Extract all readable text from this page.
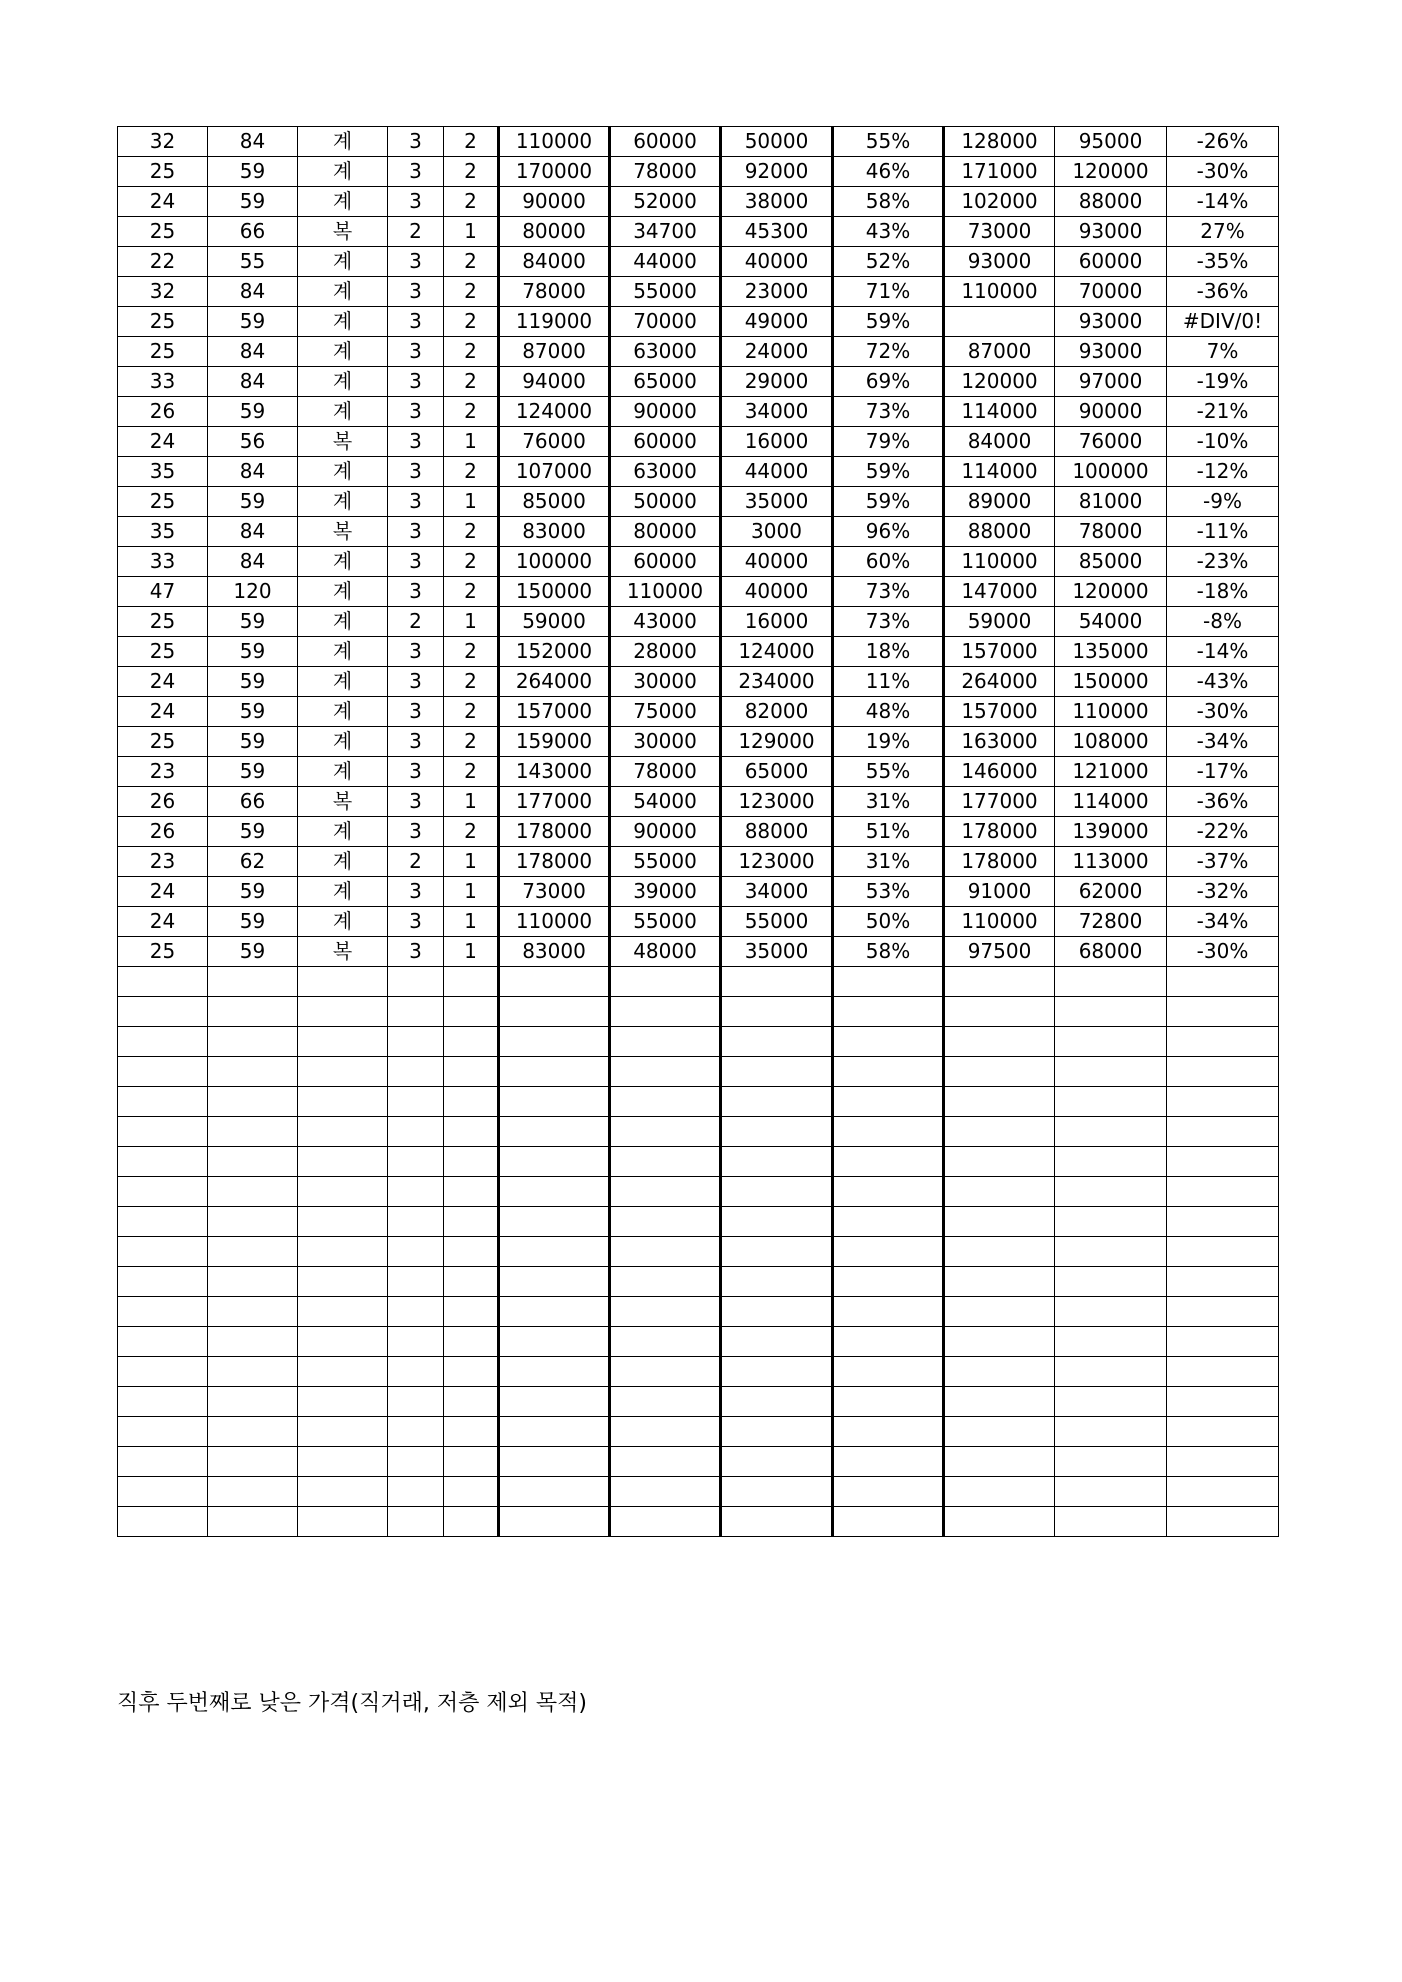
32	84	계	3	2	110000	60000	50000	55%	128000	95000	-26%
25	59	계	3	2	170000	78000	92000	46%	171000	120000	-30%
24	59	계	3	2	90000	52000	38000	58%	102000	88000	-14%
25	66	복	2	1	80000	34700	45300	43%	73000	93000	27%
22	55	계	3	2	84000	44000	40000	52%	93000	60000	-35%
32	84	계	3	2	78000	55000	23000	71%	110000	70000	-36%
25	59	계	3	2	119000	70000	49000	59%		93000	#DIV/0!
25	84	계	3	2	87000	63000	24000	72%	87000	93000	7%
33	84	계	3	2	94000	65000	29000	69%	120000	97000	-19%
26	59	계	3	2	124000	90000	34000	73%	114000	90000	-21%
24	56	복	3	1	76000	60000	16000	79%	84000	76000	-10%
35	84	계	3	2	107000	63000	44000	59%	114000	100000	-12%
25	59	계	3	1	85000	50000	35000	59%	89000	81000	-9%
35	84	복	3	2	83000	80000	3000	96%	88000	78000	-11%
33	84	계	3	2	100000	60000	40000	60%	110000	85000	-23%
47	120	계	3	2	150000	110000	40000	73%	147000	120000	-18%
25	59	계	2	1	59000	43000	16000	73%	59000	54000	-8%
25	59	계	3	2	152000	28000	124000	18%	157000	135000	-14%
24	59	계	3	2	264000	30000	234000	11%	264000	150000	-43%
24	59	계	3	2	157000	75000	82000	48%	157000	110000	-30%
25	59	계	3	2	159000	30000	129000	19%	163000	108000	-34%
23	59	계	3	2	143000	78000	65000	55%	146000	121000	-17%
26	66	복	3	1	177000	54000	123000	31%	177000	114000	-36%
26	59	계	3	2	178000	90000	88000	51%	178000	139000	-22%
23	62	계	2	1	178000	55000	123000	31%	178000	113000	-37%
24	59	계	3	1	73000	39000	34000	53%	91000	62000	-32%
24	59	계	3	1	110000	55000	55000	50%	110000	72800	-34%
25	59	복	3	1	83000	48000	35000	58%	97500	68000	-30%

직후 두번째로 낮은 가격(직거래, 저층 제외 목적)
